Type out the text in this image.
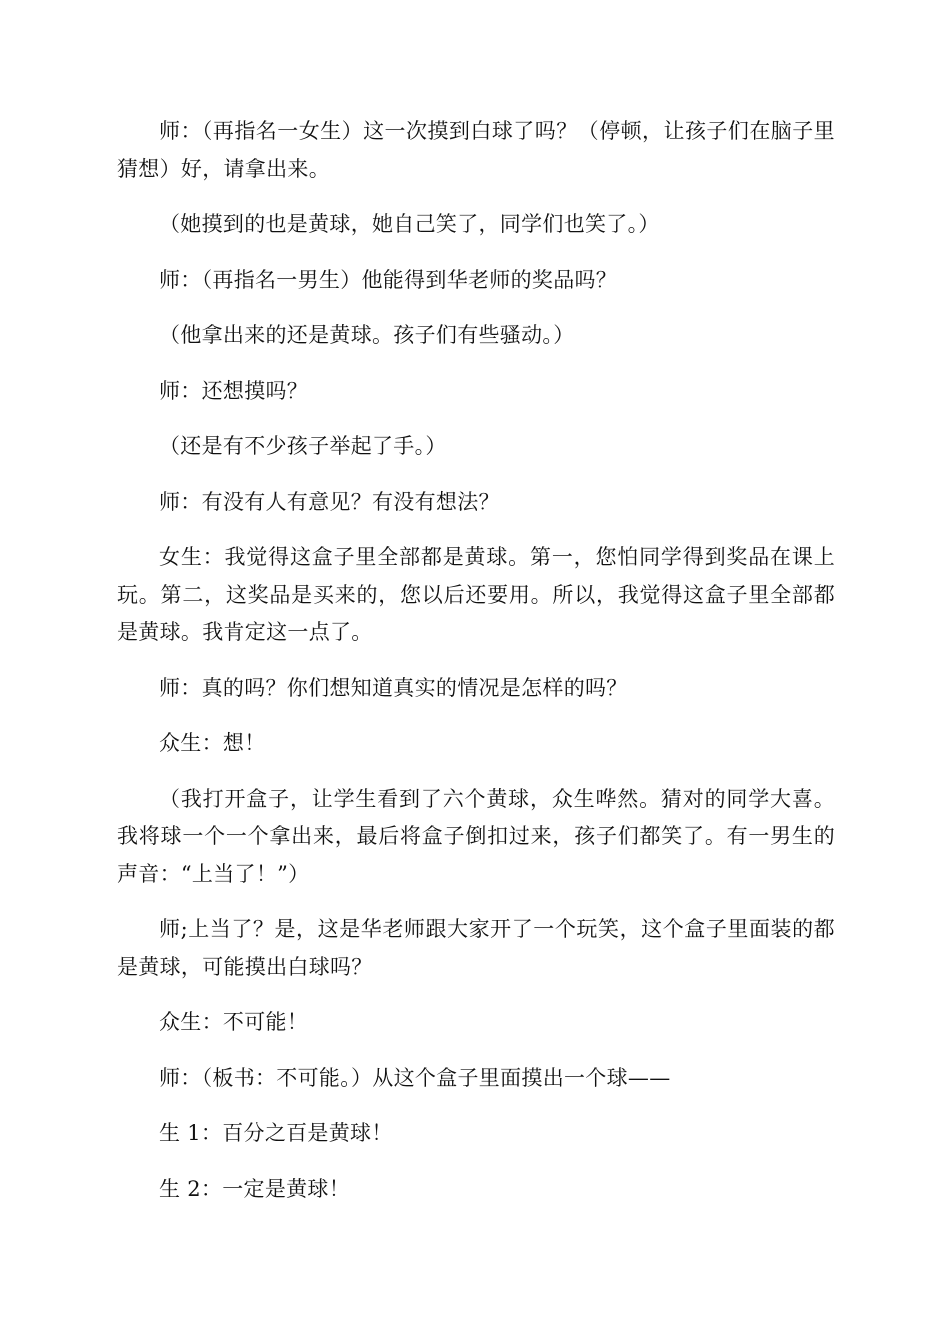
师：（再指名一女生）这一次摸到白球了吗？（停顿，让孩子们在脑子里猜想）好，请拿出来。

（她摸到的也是黄球，她自己笑了，同学们也笑了。）

师：（再指名一男生）他能得到华老师的奖品吗？

（他拿出来的还是黄球。孩子们有些骚动。）

师：还想摸吗？

（还是有不少孩子举起了手。）

师：有没有人有意见？有没有想法？

女生：我觉得这盒子里全部都是黄球。第一，您怕同学得到奖品在课上玩。第二，这奖品是买来的，您以后还要用。所以，我觉得这盒子里全部都是黄球。我肯定这一点了。

师：真的吗？你们想知道真实的情况是怎样的吗？

众生：想！

（我打开盒子，让学生看到了六个黄球，众生哗然。猜对的同学大喜。我将球一个一个拿出来，最后将盒子倒扣过来，孩子们都笑了。有一男生的声音：“上当了！”）

师;上当了？是，这是华老师跟大家开了一个玩笑，这个盒子里面装的都是黄球，可能摸出白球吗？

众生：不可能！

师：（板书：不可能。）从这个盒子里面摸出一个球——

生 1：百分之百是黄球！

生 2：一定是黄球！
